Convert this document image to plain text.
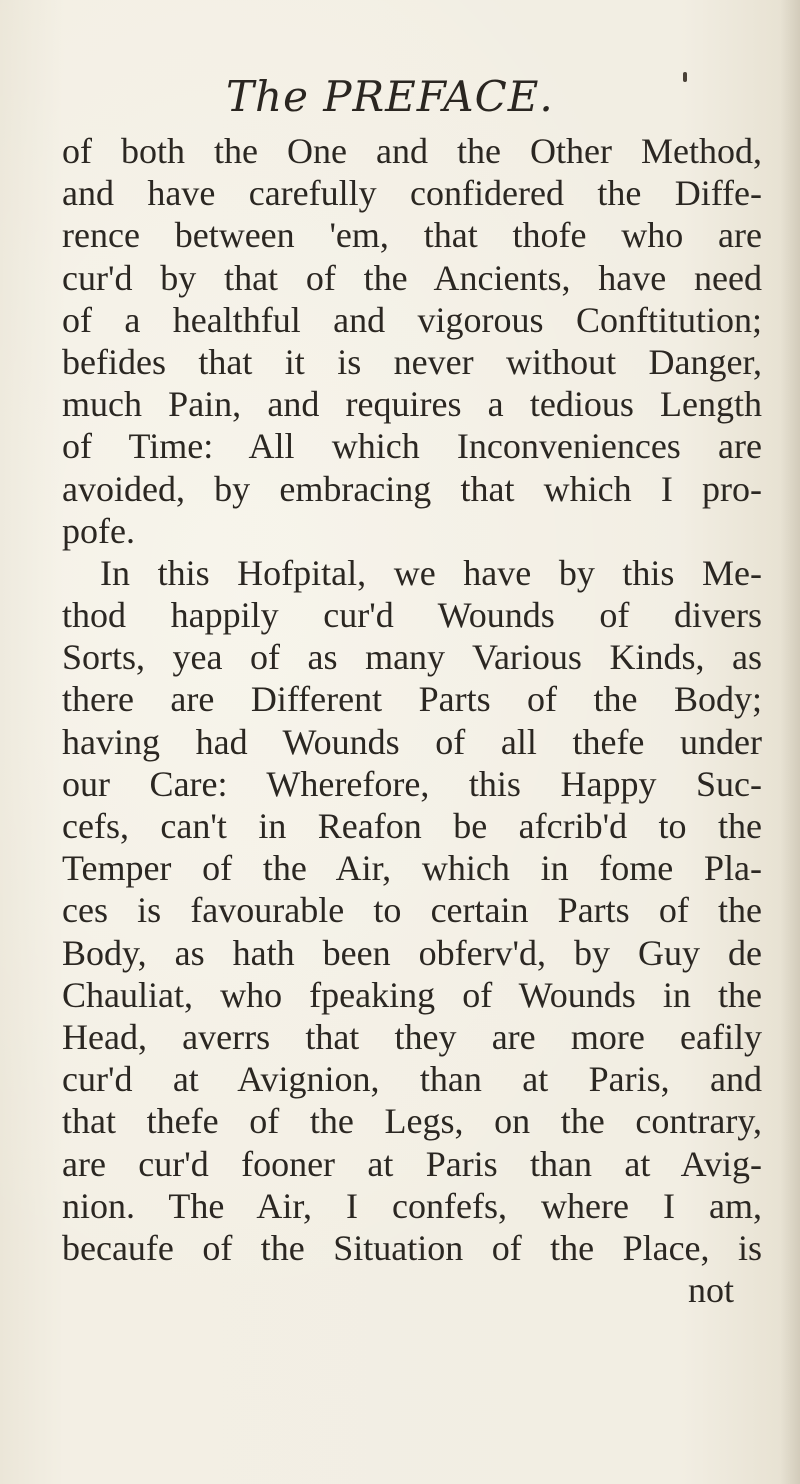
The PREFACE.
of both the One and the Other Method,
and have carefully confidered the Diffe-
rence between 'em, that thofe who are
cur'd by that of the Ancients, have need
of a healthful and vigorous Conftitution;
befides that it is never without Danger,
much Pain, and requires a tedious Length
of Time: All which Inconveniences are
avoided, by embracing that which I pro-
pofe.
In this Hofpital, we have by this Me-
thod happily cur'd Wounds of divers
Sorts, yea of as many Various Kinds, as
there are Different Parts of the Body;
having had Wounds of all thefe under
our Care: Wherefore, this Happy Suc-
cefs, can't in Reafon be afcrib'd to the
Temper of the Air, which in fome Pla-
ces is favourable to certain Parts of the
Body, as hath been obferv'd, by Guy de
Chauliat, who fpeaking of Wounds in the
Head, averrs that they are more eafily
cur'd at Avignion, than at Paris, and
that thefe of the Legs, on the contrary,
are cur'd fooner at Paris than at Avig-
nion. The Air, I confefs, where I am,
becaufe of the Situation of the Place, is
not
